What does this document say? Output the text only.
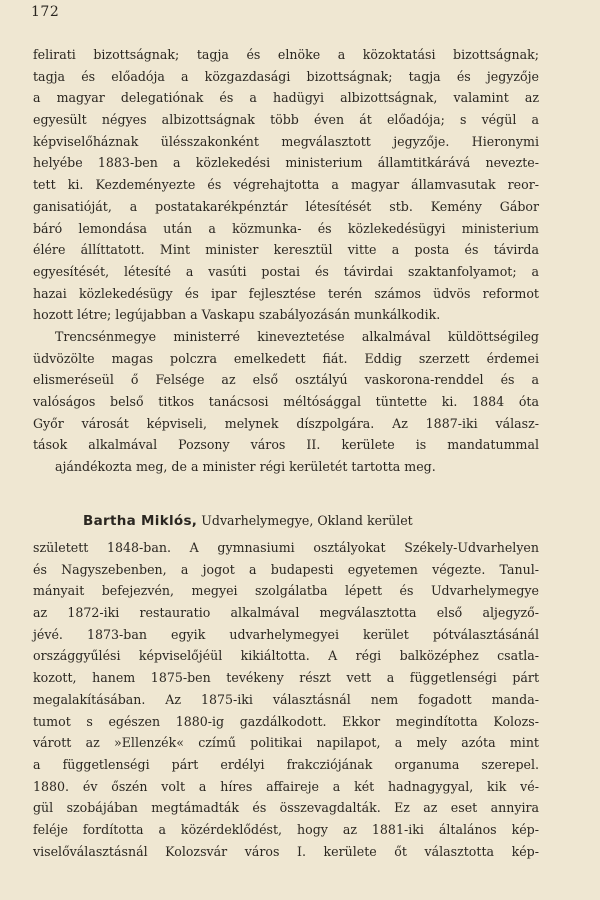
172
felirati bizottságnak; tagja és elnöke a közoktatási bizottságnak;
tagja és előadója a közgazdasági bizottságnak; tagja és jegyzője
a magyar delegatiónak és a hadügyi albizottságnak, valamint az
egyesült négyes albizottságnak több éven át előadója; s végül a
képviselőháznak ülésszakonként megválasztott jegyzője. Hieronymi
helyébe 1883-ben a közlekedési ministerium államtitkárává neveztе-
tett ki. Kezdeményezte és végrehajtotta a magyar államvasutak reor-
ganisatióját, a postatakarékpénztár létesítését stb. Kemény Gábor
báró lemondása után a közmunka- és közlekedésügyi ministerium
élére állíttatott. Mint minister keresztül vitte a posta és távirda
egyesítését, létesíté a vasúti postai és távirdai szaktanfolyamot; a
hazai közlekedésügy és ipar fejlesztése terén számos üdvös reformot
hozott létre; legújabban a Vaskapu szabályozásán munkálkodik.
Trencsénmegye ministerré kineveztetése alkalmával küldöttségileg
üdvözölte magas polczra emelkedett fiát. Eddig szerzett érdemei
elismeréseül ő Felsége az első osztályú vaskorona-renddel és a
valóságos belső titkos tanácsosi méltósággal tüntette ki. 1884 óta
Győr városát képviseli, melynek díszpolgára. Az 1887-iki válasz-
tások alkalmával Pozsony város II. kerülete is mandatummal
ajándékozta meg, de a minister régi kerületét tartotta meg.
Bartha Miklós, Udvarhelymegye, Okland kerület
született 1848-ban. A gymnasiumi osztályokat Székely-Udvarhelyen
és Nagyszebenben, a jogot a budapesti egyetemen végezte. Tanul-
mányait befejezvén, megyei szolgálatba lépett és Udvarhelymegye
az 1872-iki restauratio alkalmával megválasztotta első aljegyző-
jévé. 1873-ban egyik udvarhelymegyei kerület pótválasztásánál
országgyűlési képviselőjéül kikiáltotta. A régi balközéphez csatla-
kozott, hanem 1875-ben tevékeny részt vett a függetlenségi párt
megalakításában. Az 1875-iki választásnál nem fogadott manda-
tumot s egészen 1880-ig gazdálkodott. Ekkor megindította Kolozs-
várott az »Ellenzék« czímű politikai napilapot, a mely azóta mint
a függetlenségi párt erdélyi frakcziójának organuma szerepel.
1880. év őszén volt a híres affaireje a két hadnagygyal, kik vé-
gül szobájában megtámadták és összevagdalták. Ez az eset annyira
feléje fordította a közérdeklődést, hogy az 1881-iki általános kép-
viselőválasztásnál Kolozsvár város I. kerülete őt választotta kép-
